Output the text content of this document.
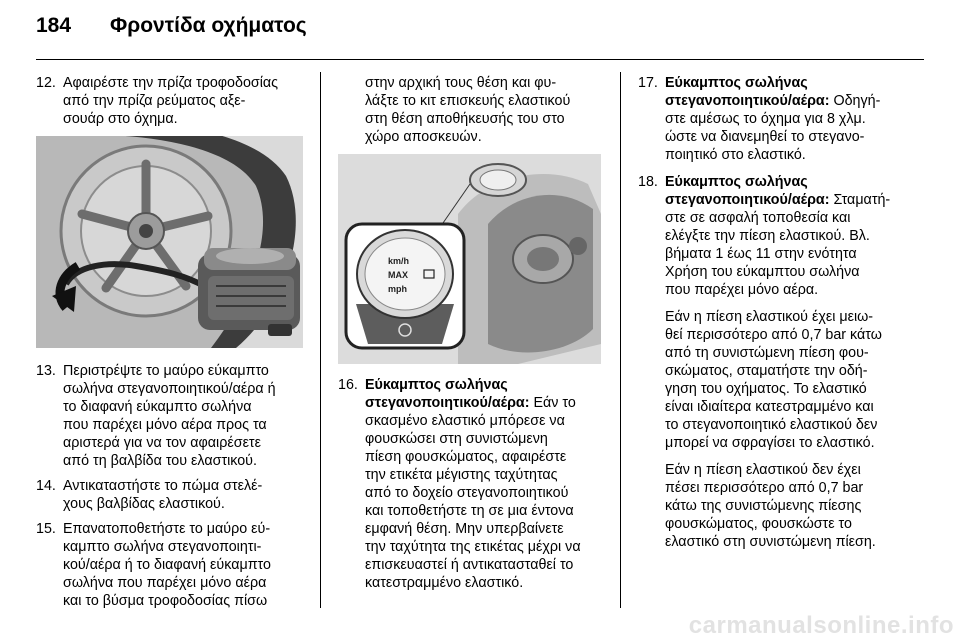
184	Φροντίδα οχήματος
12. Αφαιρέστε την πρίζα τροφοδοσίας
από την πρίζα ρεύματος αξε-
σουάρ στο όχημα.
13. Περιστρέψτε το μαύρο εύκαμπτο
σωλήνα στεγανοποιητικού/αέρα ή
το διαφανή εύκαμπτο σωλήνα
που παρέχει μόνο αέρα προς τα
αριστερά για να τον αφαιρέσετε
από τη βαλβίδα του ελαστικού.
14. Αντικαταστήστε το πώμα στελέ-
χους βαλβίδας ελαστικού.
15. Επανατοποθετήστε το μαύρο εύ-
καμπτο σωλήνα στεγανοποιητι-
κού/αέρα ή το διαφανή εύκαμπτο
σωλήνα που παρέχει μόνο αέρα
και το βύσμα τροφοδοσίας πίσω
στην αρχική τους θέση και φυ-
λάξτε το κιτ επισκευής ελαστικού
στη θέση αποθήκευσής του στο
χώρο αποσκευών.
km/h
MAX
mph
16. Εύκαμπτος σωλήνας
στεγανοποιητικού/αέρα: Εάν το
σκασμένο ελαστικό μπόρεσε να
φουσκώσει στη συνιστώμενη
πίεση φουσκώματος, αφαιρέστε
την ετικέτα μέγιστης ταχύτητας
από το δοχείο στεγανοποιητικού
και τοποθετήστε τη σε μια έντονα
εμφανή θέση. Μην υπερβαίνετε
την ταχύτητα της ετικέτας μέχρι να
επισκευαστεί ή αντικατασταθεί το
κατεστραμμένο ελαστικό.
17. Εύκαμπτος σωλήνας
στεγανοποιητικού/αέρα: Οδηγή-
στε αμέσως το όχημα για 8 χλμ.
ώστε να διανεμηθεί το στεγανο-
ποιητικό στο ελαστικό.
18. Εύκαμπτος σωλήνας
στεγανοποιητικού/αέρα: Σταματή-
στε σε ασφαλή τοποθεσία και
ελέγξτε την πίεση ελαστικού. Βλ.
βήματα 1 έως 11 στην ενότητα
Χρήση του εύκαμπτου σωλήνα
που παρέχει μόνο αέρα.
Εάν η πίεση ελαστικού έχει μειω-
θεί περισσότερο από 0,7 bar κάτω
από τη συνιστώμενη πίεση φου-
σκώματος, σταματήστε την οδή-
γηση του οχήματος. Το ελαστικό
είναι ιδιαίτερα κατεστραμμένο και
το στεγανοποιητικό ελαστικού δεν
μπορεί να σφραγίσει το ελαστικό.
Εάν η πίεση ελαστικού δεν έχει
πέσει περισσότερο από 0,7 bar
κάτω της συνιστώμενης πίεσης
φουσκώματος, φουσκώστε το
ελαστικό στη συνιστώμενη πίεση.
carmanualsonline.info
